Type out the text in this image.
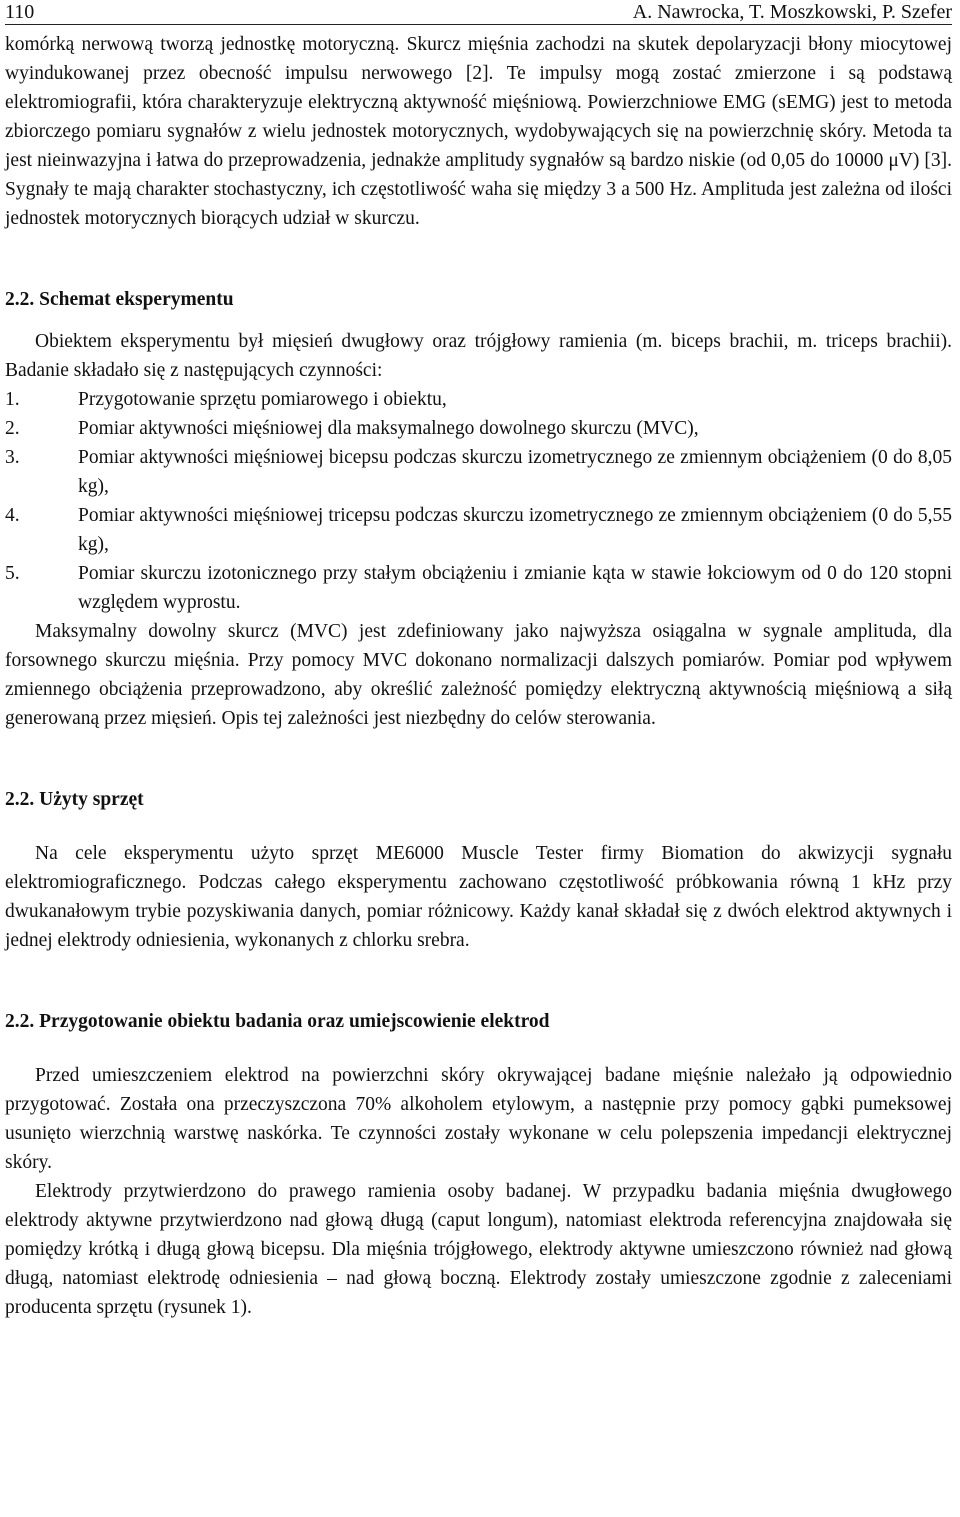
110	A. Nawrocka, T. Moszkowski, P. Szefer

komórką nerwową tworzą jednostkę motoryczną. Skurcz mięśnia zachodzi na skutek depolaryzacji błony miocytowej wyindukowanej przez obecność impulsu nerwowego [2]. Te impulsy mogą zostać zmierzone i są podstawą elektromiografii, która charakteryzuje elektryczną aktywność mięśniową. Powierzchniowe EMG (sEMG) jest to metoda zbiorczego pomiaru sygnałów z wielu jednostek motorycznych, wydobywających się na powierzchnię skóry. Metoda ta jest nieinwazyjna i łatwa do przeprowadzenia, jednakże amplitudy sygnałów są bardzo niskie (od 0,05 do 10000 μV) [3]. Sygnały te mają charakter stochastyczny, ich częstotliwość waha się między 3 a 500 Hz. Amplituda jest zależna od ilości jednostek motorycznych biorących udział w skurczu.

2.2. Schemat eksperymentu

Obiektem eksperymentu był mięsień dwugłowy oraz trójgłowy ramienia (m. biceps brachii, m. triceps brachii). Badanie składało się z następujących czynności:

1.	Przygotowanie sprzętu pomiarowego i obiektu,
2.	Pomiar aktywności mięśniowej dla maksymalnego dowolnego skurczu (MVC),
3.	Pomiar aktywności mięśniowej bicepsu podczas skurczu izometrycznego ze zmiennym obciążeniem (0 do 8,05 kg),
4.	Pomiar aktywności mięśniowej tricepsu podczas skurczu izometrycznego ze zmiennym obciążeniem (0 do 5,55 kg),
5.	Pomiar skurczu izotonicznego przy stałym obciążeniu i zmianie kąta w stawie łokciowym od 0 do 120 stopni względem wyprostu.

Maksymalny dowolny skurcz (MVC) jest zdefiniowany jako najwyższa osiągalna w sygnale amplituda, dla forsownego skurczu mięśnia. Przy pomocy MVC dokonano normalizacji dalszych pomiarów. Pomiar pod wpływem zmiennego obciążenia przeprowadzono, aby określić zależność pomiędzy elektryczną aktywnością mięśniową a siłą generowaną przez mięsień. Opis tej zależności jest niezbędny do celów sterowania.

2.2. Użyty sprzęt

Na cele eksperymentu użyto sprzęt ME6000 Muscle Tester firmy Biomation do akwizycji sygnału elektromiograficznego. Podczas całego eksperymentu zachowano częstotliwość próbkowania równą 1 kHz przy dwukanałowym trybie pozyskiwania danych, pomiar różnicowy. Każdy kanał składał się z dwóch elektrod aktywnych i jednej elektrody odniesienia, wykonanych z chlorku srebra.

2.2. Przygotowanie obiektu badania oraz umiejscowienie elektrod

Przed umieszczeniem elektrod na powierzchni skóry okrywającej badane mięśnie należało ją odpowiednio przygotować. Została ona przeczyszczona 70% alkoholem etylowym, a następnie przy pomocy gąbki pumeksowej usunięto wierzchnią warstwę naskórka. Te czynności zostały wykonane w celu polepszenia impedancji elektrycznej skóry.

Elektrody przytwierdzono do prawego ramienia osoby badanej. W przypadku badania mięśnia dwugłowego elektrody aktywne przytwierdzono nad głową długą (caput longum), natomiast elektroda referencyjna znajdowała się pomiędzy krótką i długą głową bicepsu. Dla mięśnia trójgłowego, elektrody aktywne umieszczono również nad głową długą, natomiast elektrodę odniesienia – nad głową boczną. Elektrody zostały umieszczone zgodnie z zaleceniami producenta sprzętu (rysunek 1).
